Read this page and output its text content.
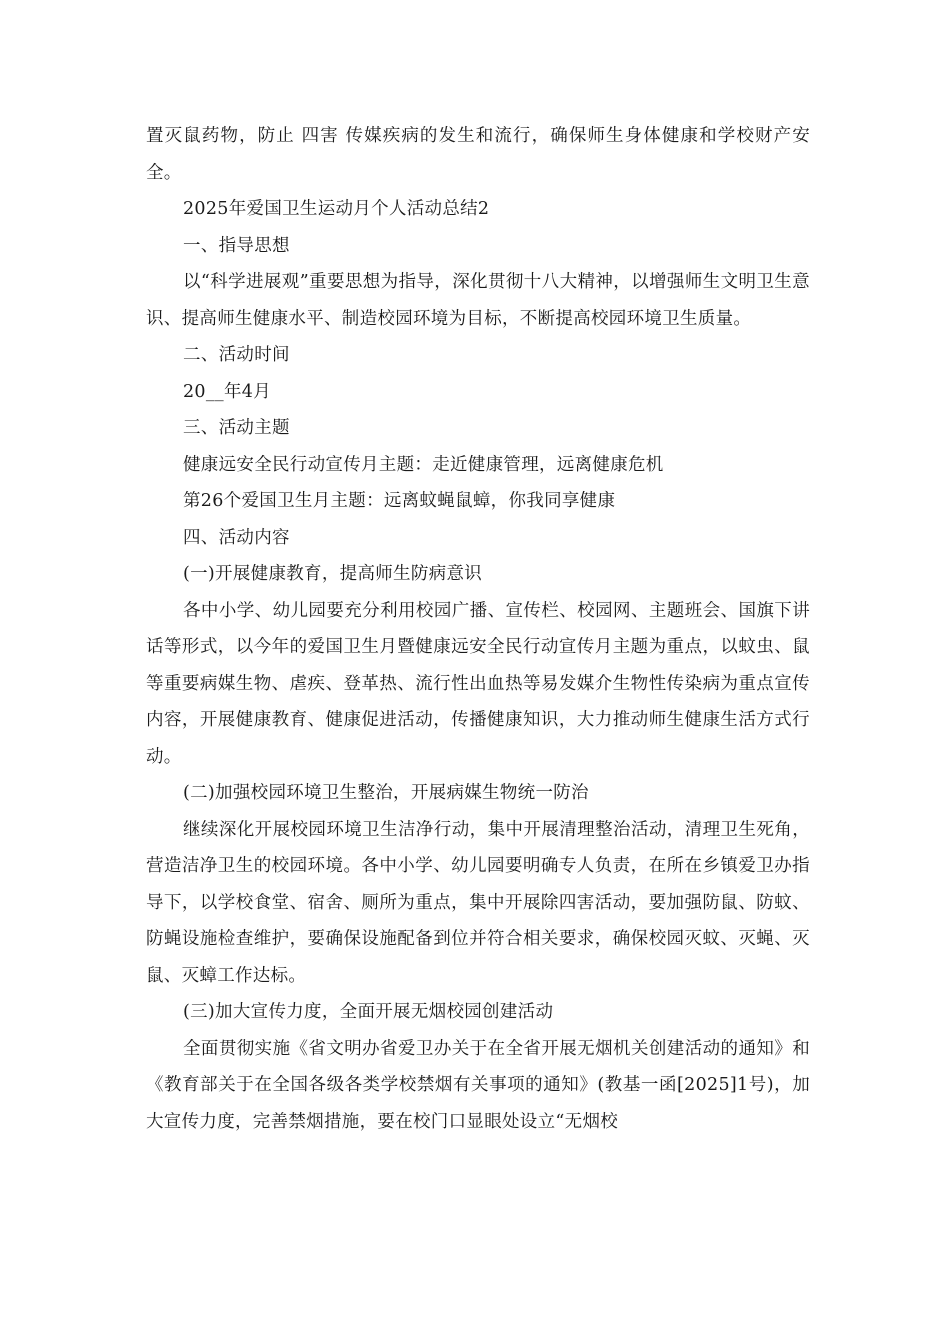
置灭鼠药物，防止 四害 传媒疾病的发生和流行，确保师生身体健康和学校财产安全。

2025年爱国卫生运动月个人活动总结2

一、指导思想

以“科学进展观”重要思想为指导，深化贯彻十八大精神，以增强师生文明卫生意识、提高师生健康水平、制造校园环境为目标，不断提高校园环境卫生质量。

二、活动时间

20__年4月

三、活动主题

健康远安全民行动宣传月主题：走近健康管理，远离健康危机

第26个爱国卫生月主题：远离蚊蝇鼠蟑，你我同享健康

四、活动内容

(一)开展健康教育，提高师生防病意识

各中小学、幼儿园要充分利用校园广播、宣传栏、校园网、主题班会、国旗下讲话等形式，以今年的爱国卫生月暨健康远安全民行动宣传月主题为重点，以蚊虫、鼠等重要病媒生物、虐疾、登革热、流行性出血热等易发媒介生物性传染病为重点宣传内容，开展健康教育、健康促进活动，传播健康知识，大力推动师生健康生活方式行动。

(二)加强校园环境卫生整治，开展病媒生物统一防治

继续深化开展校园环境卫生洁净行动，集中开展清理整治活动，清理卫生死角，营造洁净卫生的校园环境。各中小学、幼儿园要明确专人负责，在所在乡镇爱卫办指导下，以学校食堂、宿舍、厕所为重点，集中开展除四害活动，要加强防鼠、防蚊、防蝇设施检查维护，要确保设施配备到位并符合相关要求，确保校园灭蚊、灭蝇、灭鼠、灭蟑工作达标。

(三)加大宣传力度，全面开展无烟校园创建活动

全面贯彻实施《省文明办省爱卫办关于在全省开展无烟机关创建活动的通知》和《教育部关于在全国各级各类学校禁烟有关事项的通知》(教基一函[2025]1号)，加大宣传力度，完善禁烟措施，要在校门口显眼处设立“无烟校
